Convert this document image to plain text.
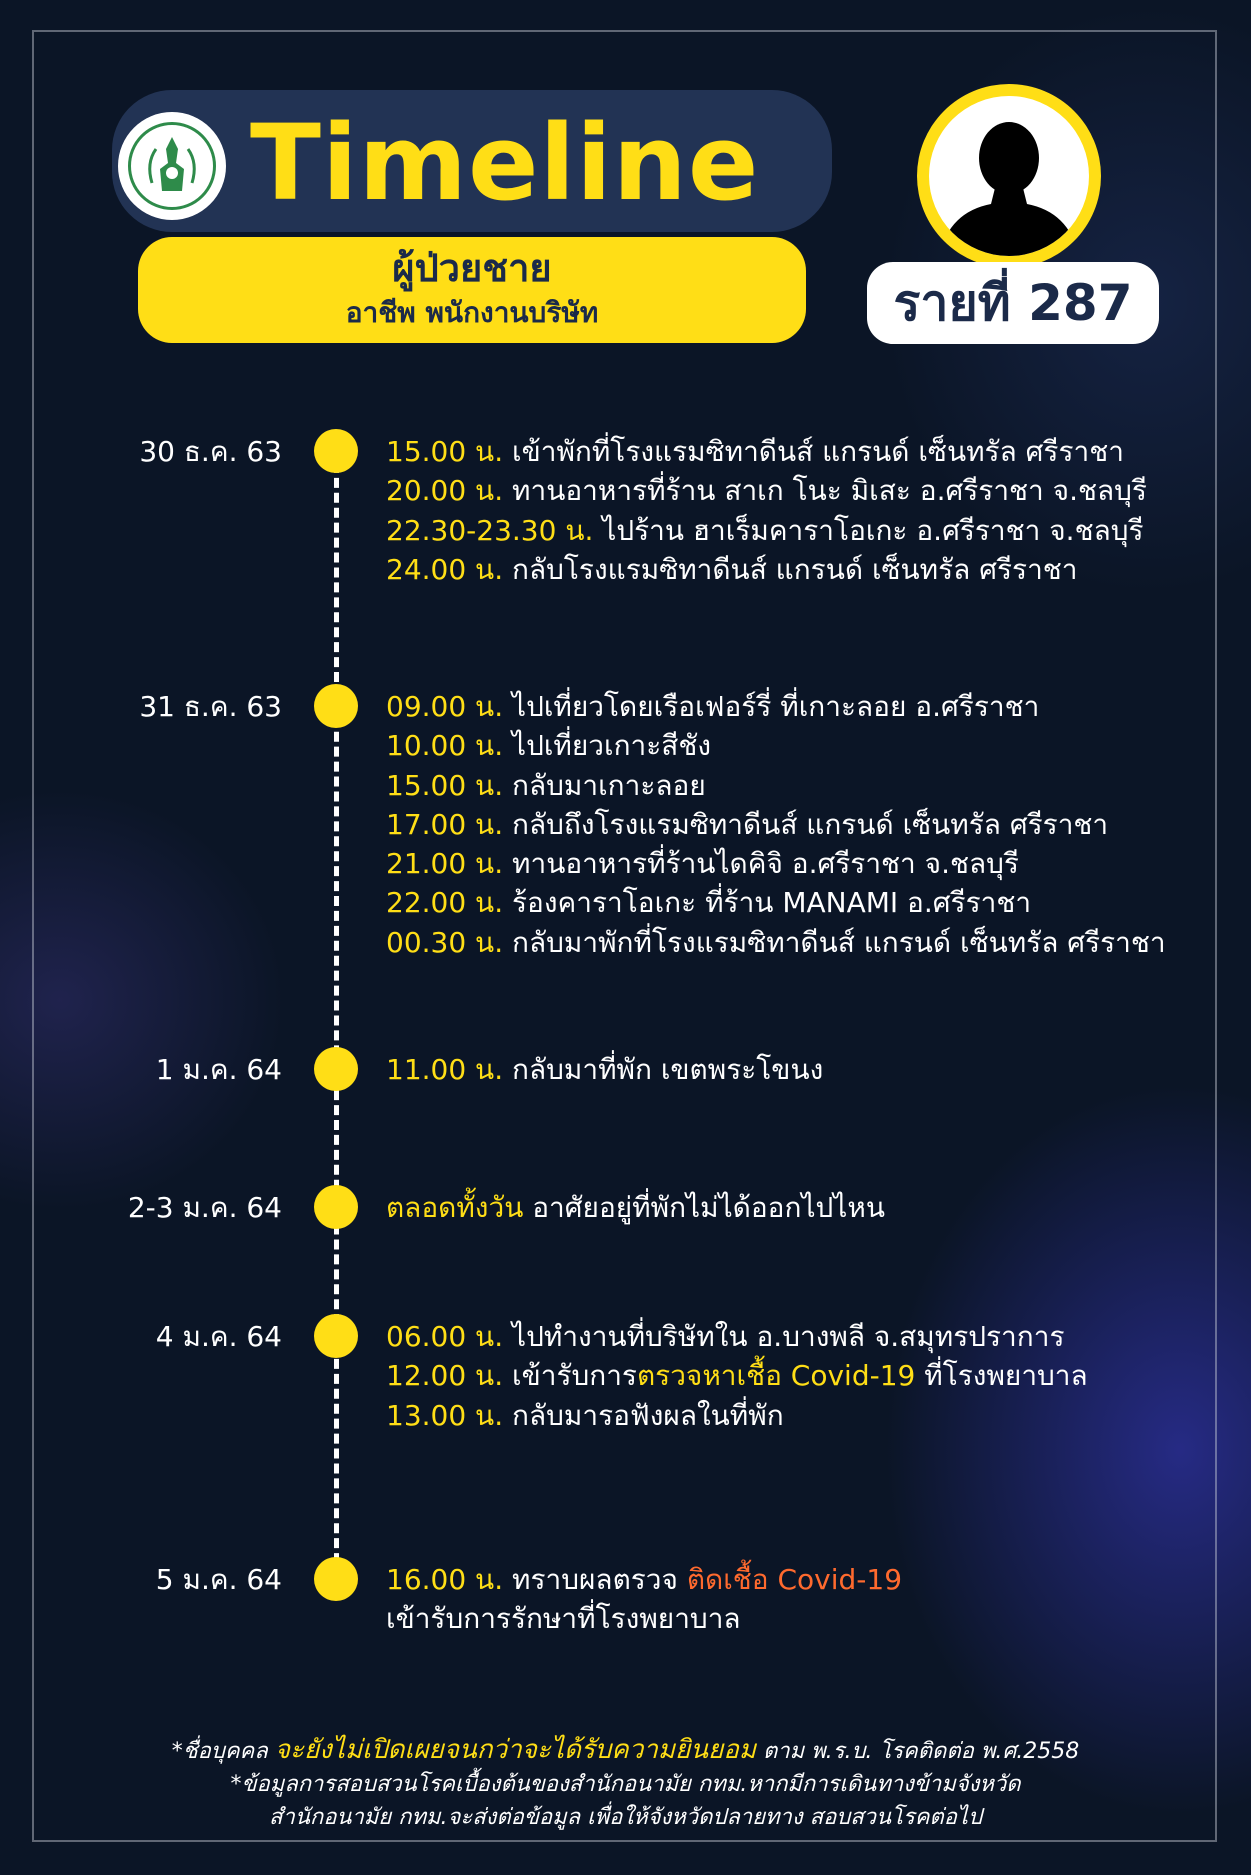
Timeline
ผู้ป่วยชาย
อาชีพ พนักงานบริษัท	รายที่ 287
30 ธ.ค. 63	15.00 น. เข้าพักที่โรงแรมซิทาดีนส์ แกรนด์ เซ็นทรัล ศรีราชา
20.00 น. ทานอาหารที่ร้าน สาเก โนะ มิเสะ อ.ศรีราชา จ.ชลบุรี
22.30-23.30 น. ไปร้าน ฮาเร็มคาราโอเกะ อ.ศรีราชา จ.ชลบุรี
24.00 น. กลับโรงแรมซิทาดีนส์ แกรนด์ เซ็นทรัล ศรีราชา
31 ธ.ค. 63	09.00 น. ไปเที่ยวโดยเรือเฟอร์รี่ ที่เกาะลอย อ.ศรีราชา
10.00 น. ไปเที่ยวเกาะสีชัง
15.00 น. กลับมาเกาะลอย
17.00 น. กลับถึงโรงแรมซิทาดีนส์ แกรนด์ เซ็นทรัล ศรีราชา
21.00 น. ทานอาหารที่ร้านไดคิจิ อ.ศรีราชา จ.ชลบุรี
22.00 น. ร้องคาราโอเกะ ที่ร้าน MANAMI อ.ศรีราชา
00.30 น. กลับมาพักที่โรงแรมซิทาดีนส์ แกรนด์ เซ็นทรัล ศรีราชา
1 ม.ค. 64	11.00 น. กลับมาที่พัก เขตพระโขนง
2-3 ม.ค. 64	ตลอดทั้งวัน อาศัยอยู่ที่พักไม่ได้ออกไปไหน
4 ม.ค. 64	06.00 น. ไปทำงานที่บริษัทใน อ.บางพลี จ.สมุทรปราการ
12.00 น. เข้ารับการตรวจหาเชื้อ Covid-19 ที่โรงพยาบาล
13.00 น. กลับมารอฟังผลในที่พัก
5 ม.ค. 64	16.00 น. ทราบผลตรวจ ติดเชื้อ Covid-19
เข้ารับการรักษาที่โรงพยาบาล
*ชื่อบุคคล จะยังไม่เปิดเผยจนกว่าจะได้รับความยินยอม ตาม พ.ร.บ. โรคติดต่อ พ.ศ.2558
*ข้อมูลการสอบสวนโรคเบื้องต้นของสำนักอนามัย กทม.หากมีการเดินทางข้ามจังหวัด
สำนักอนามัย กทม.จะส่งต่อข้อมูล เพื่อให้จังหวัดปลายทาง สอบสวนโรคต่อไป
